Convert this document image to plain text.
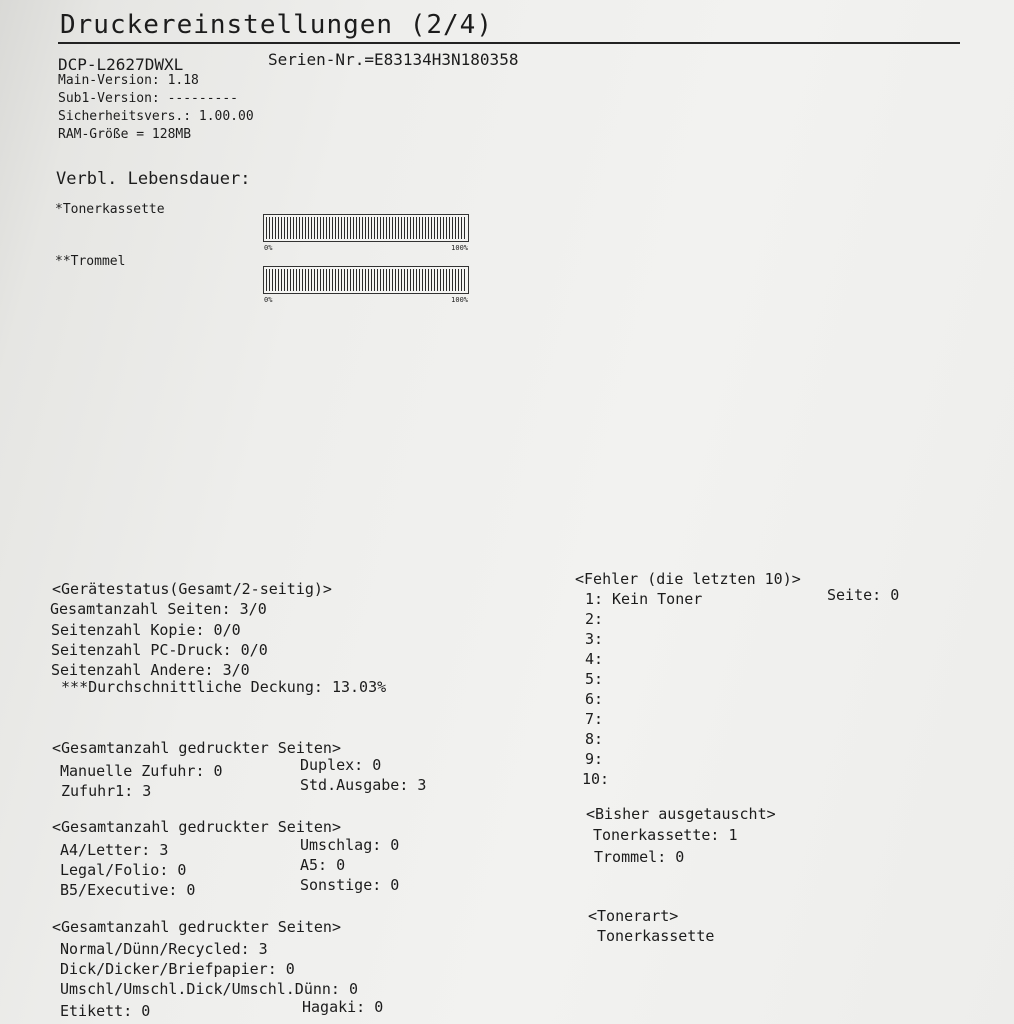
Druckereinstellungen (2/4)
DCP-L2627DWXL	Serien-Nr.=E83134H3N180358
Main-Version: 1.18
Sub1-Version: ---------
Sicherheitsvers.: 1.00.00
RAM-Größe = 128MB
Verbl. Lebensdauer:
*Tonerkassette
0%	100%
**Trommel
0%	100%
<Gerätestatus(Gesamt/2-seitig)>
Gesamtanzahl Seiten: 3/0
Seitenzahl Kopie: 0/0
Seitenzahl PC-Druck: 0/0
Seitenzahl Andere: 3/0
***Durchschnittliche Deckung: 13.03%
<Gesamtanzahl gedruckter Seiten>
Manuelle Zufuhr: 0
Zufuhr1: 3
Duplex: 0
Std.Ausgabe: 3
<Gesamtanzahl gedruckter Seiten>
A4/Letter: 3
Legal/Folio: 0
B5/Executive: 0
Umschlag: 0
A5: 0
Sonstige: 0
<Gesamtanzahl gedruckter Seiten>
Normal/Dünn/Recycled: 3
Dick/Dicker/Briefpapier: 0
Umschl/Umschl.Dick/Umschl.Dünn: 0
Etikett: 0	Hagaki: 0
<Fehler (die letzten 10)>
1: Kein Toner	Seite: 0
2:
3:
4:
5:
6:
7:
8:
9:
10:
<Bisher ausgetauscht>
Tonerkassette: 1
Trommel: 0
<Tonerart>
Tonerkassette
